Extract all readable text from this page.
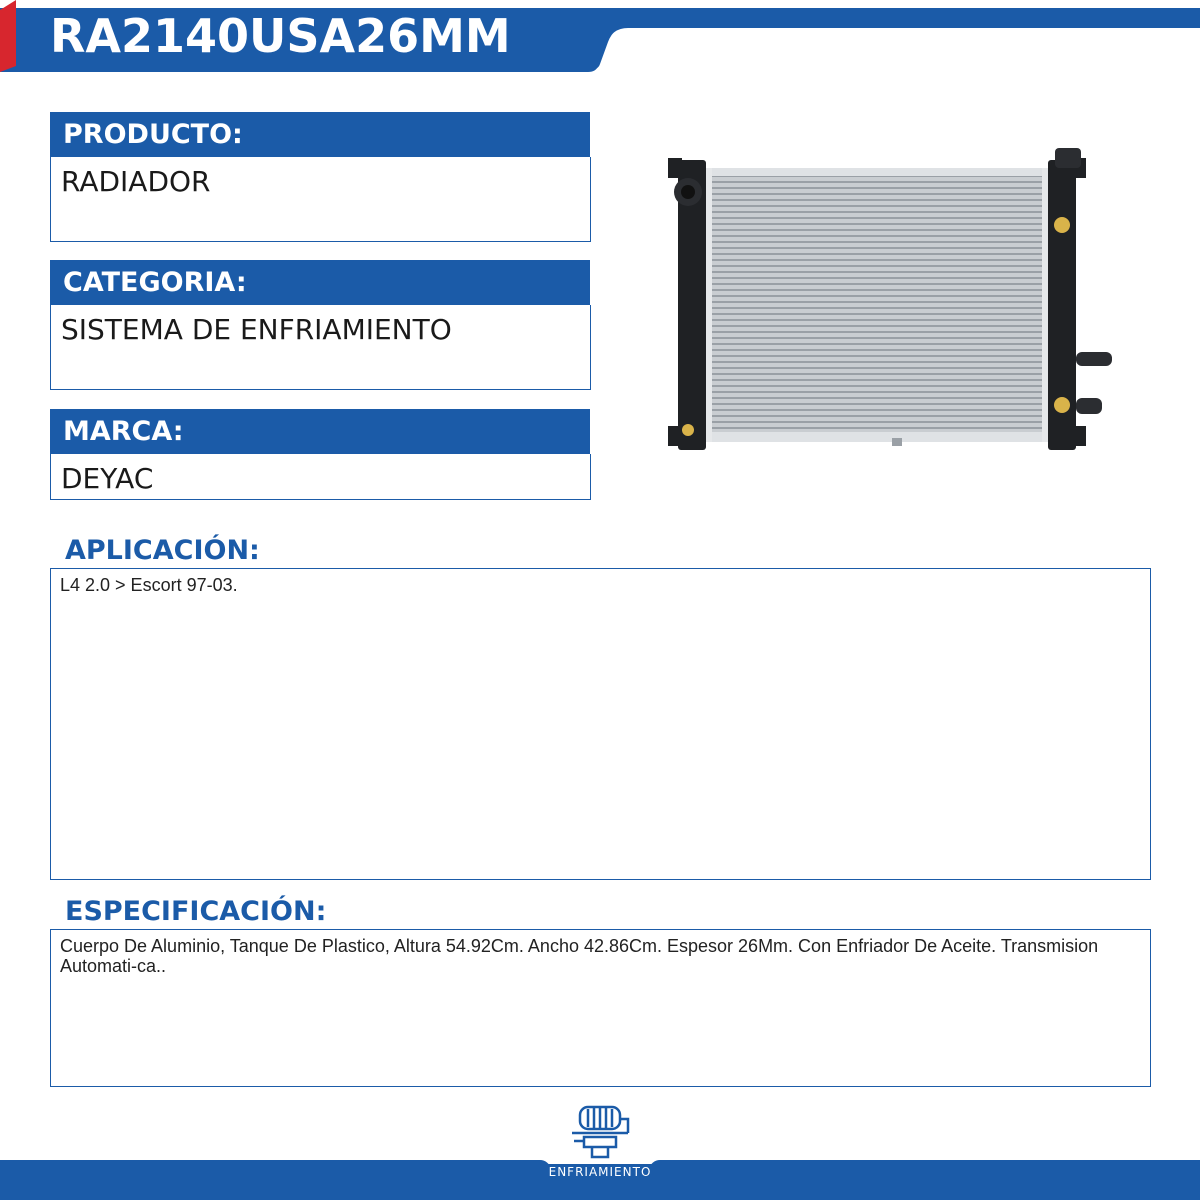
RA2140USA26MM
PRODUCTO:
RADIADOR
CATEGORIA:
SISTEMA DE ENFRIAMIENTO
MARCA:
DEYAC
APLICACIÓN:
L4 2.0 > Escort 97-03.
ESPECIFICACIÓN:
Cuerpo De Aluminio, Tanque De Plastico, Altura 54.92Cm. Ancho 42.86Cm. Espesor 26Mm. Con Enfriador De Aceite. Transmision Automati-ca..
ENFRIAMIENTO
